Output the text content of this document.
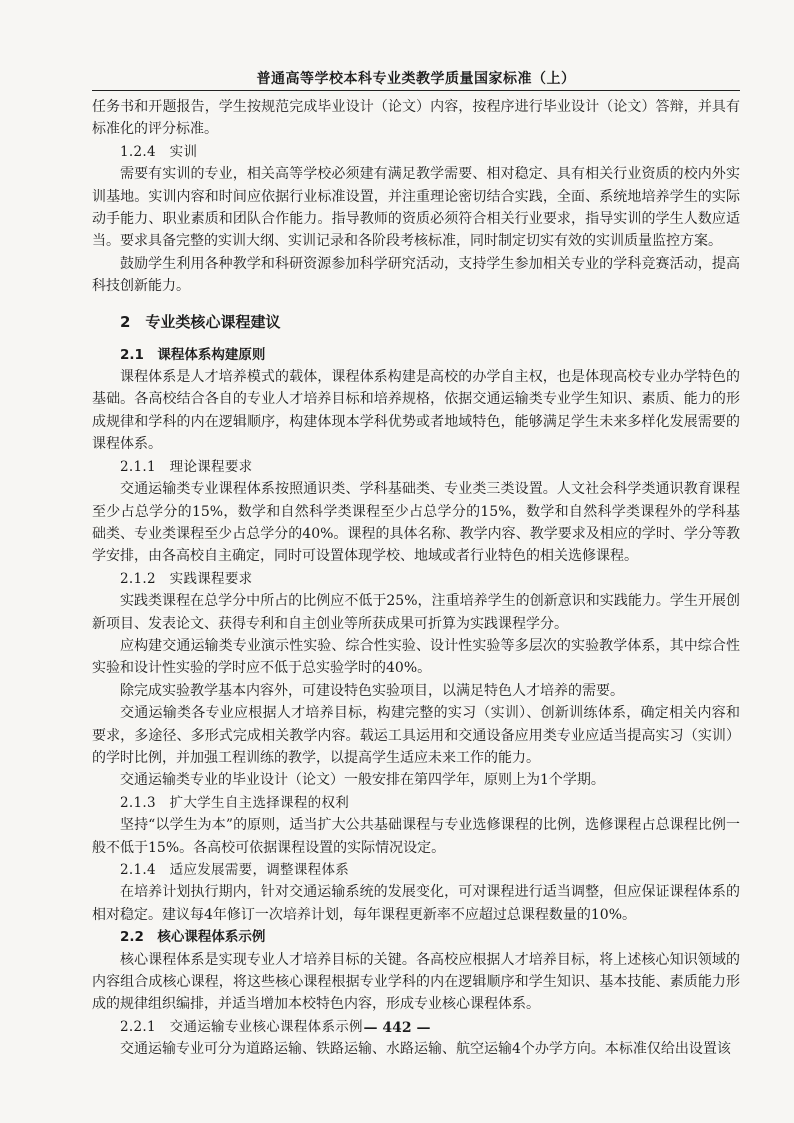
普通高等学校本科专业类教学质量国家标准（上）

任务书和开题报告，学生按规范完成毕业设计（论文）内容，按程序进行毕业设计（论文）答辩，并具有标准化的评分标准。

1.2.4　实训

需要有实训的专业，相关高等学校必须建有满足教学需要、相对稳定、具有相关行业资质的校内外实训基地。实训内容和时间应依据行业标准设置，并注重理论密切结合实践，全面、系统地培养学生的实际动手能力、职业素质和团队合作能力。指导教师的资质必须符合相关行业要求，指导实训的学生人数应适当。要求具备完整的实训大纲、实训记录和各阶段考核标准，同时制定切实有效的实训质量监控方案。

鼓励学生利用各种教学和科研资源参加科学研究活动，支持学生参加相关专业的学科竞赛活动，提高科技创新能力。

2　专业类核心课程建议
2.1　课程体系构建原则

课程体系是人才培养模式的载体，课程体系构建是高校的办学自主权，也是体现高校专业办学特色的基础。各高校结合各自的专业人才培养目标和培养规格，依据交通运输类专业学生知识、素质、能力的形成规律和学科的内在逻辑顺序，构建体现本学科优势或者地域特色，能够满足学生未来多样化发展需要的课程体系。

2.1.1　理论课程要求

交通运输类专业课程体系按照通识类、学科基础类、专业类三类设置。人文社会科学类通识教育课程至少占总学分的15%，数学和自然科学类课程至少占总学分的15%，数学和自然科学类课程外的学科基础类、专业类课程至少占总学分的40%。课程的具体名称、教学内容、教学要求及相应的学时、学分等教学安排，由各高校自主确定，同时可设置体现学校、地域或者行业特色的相关选修课程。

2.1.2　实践课程要求

实践类课程在总学分中所占的比例应不低于25%，注重培养学生的创新意识和实践能力。学生开展创新项目、发表论文、获得专利和自主创业等所获成果可折算为实践课程学分。

应构建交通运输类专业演示性实验、综合性实验、设计性实验等多层次的实验教学体系，其中综合性实验和设计性实验的学时应不低于总实验学时的40%。

除完成实验教学基本内容外，可建设特色实验项目，以满足特色人才培养的需要。

交通运输类各专业应根据人才培养目标，构建完整的实习（实训）、创新训练体系，确定相关内容和要求，多途径、多形式完成相关教学内容。载运工具运用和交通设备应用类专业应适当提高实习（实训）的学时比例，并加强工程训练的教学，以提高学生适应未来工作的能力。

交通运输类专业的毕业设计（论文）一般安排在第四学年，原则上为1个学期。

2.1.3　扩大学生自主选择课程的权利

坚持“以学生为本”的原则，适当扩大公共基础课程与专业选修课程的比例，选修课程占总课程比例一般不低于15%。各高校可依据课程设置的实际情况设定。

2.1.4　适应发展需要，调整课程体系

在培养计划执行期内，针对交通运输系统的发展变化，可对课程进行适当调整，但应保证课程体系的相对稳定。建议每4年修订一次培养计划，每年课程更新率不应超过总课程数量的10%。

2.2　核心课程体系示例

核心课程体系是实现专业人才培养目标的关键。各高校应根据人才培养目标，将上述核心知识领域的内容组合成核心课程，将这些核心课程根据专业学科的内在逻辑顺序和学生知识、基本技能、素质能力形成的规律组织编排，并适当增加本校特色内容，形成专业核心课程体系。

2.2.1　交通运输专业核心课程体系示例

交通运输专业可分为道路运输、铁路运输、水路运输、航空运输4个办学方向。本标准仅给出设置该

— 442 —
